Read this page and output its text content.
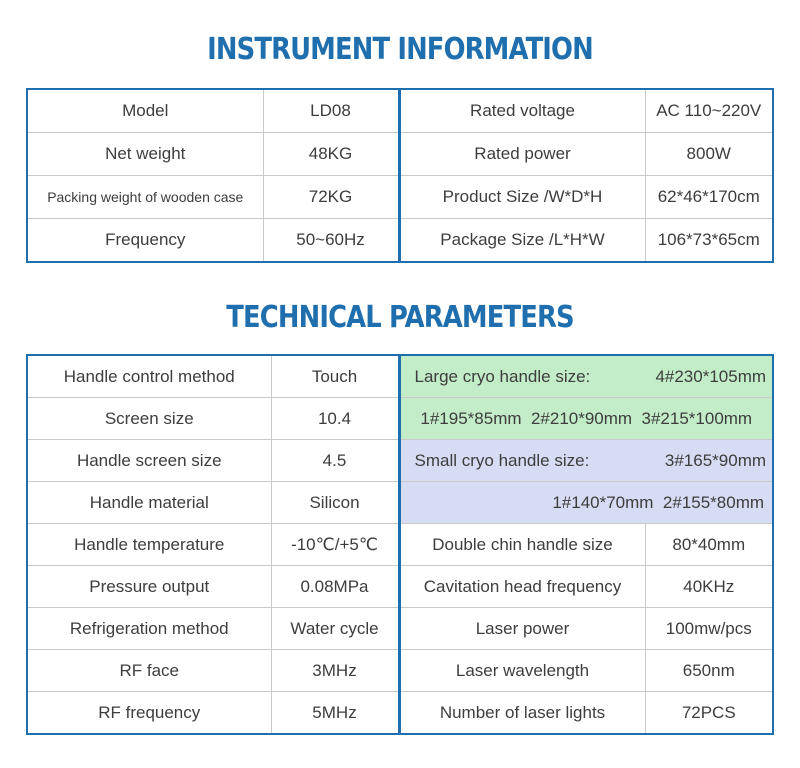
INSTRUMENT INFORMATION
Model	LD08	Rated voltage	AC 110~220V
Net weight	48KG	Rated power	800W
Packing weight of wooden case	72KG	Product Size /W*D*H	62*46*170cm
Frequency	50~60Hz	Package Size /L*H*W	106*73*65cm
TECHNICAL PARAMETERS
Handle control method	Touch	Large cryo handle size: 4#230*105mm	

Screen size	10.4	1#195*85mm  2#210*90mm  3#215*100mm	
Handle screen size	4.5	Small cryo handle size: 3#165*90mm	

Handle material	Silicon	1#140*70mm  2#155*80mm	
Handle temperature	-10℃/+5℃	Double chin handle size	80*40mm
Pressure output	0.08MPa	Cavitation head frequency	40KHz
Refrigeration method	Water cycle	Laser power	100mw/pcs
RF face	3MHz	Laser wavelength	650nm
RF frequency	5MHz	Number of laser lights	72PCS
